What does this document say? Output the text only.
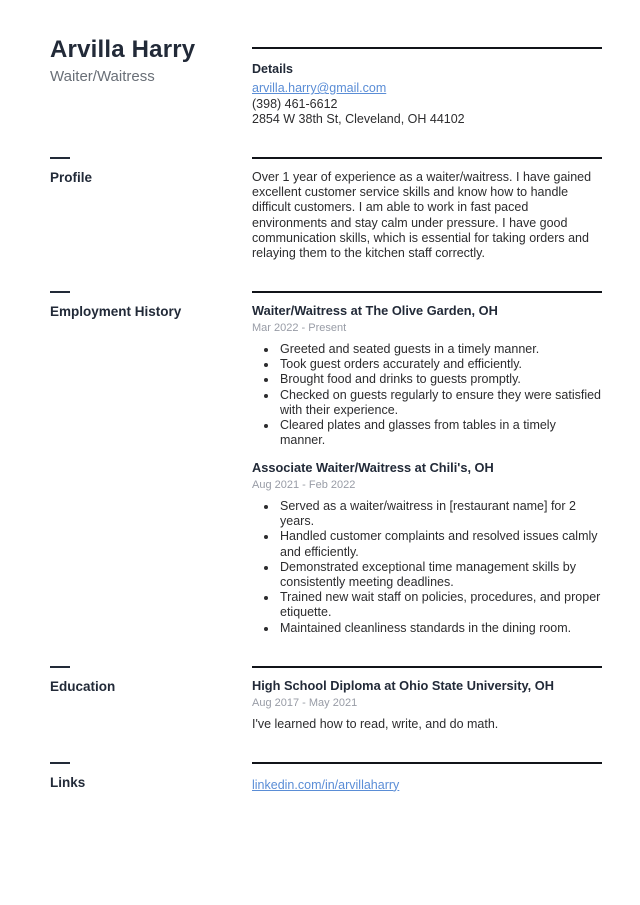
Arvilla Harry
Waiter/Waitress	Details
arvilla.harry@gmail.com
(398) 461-6612
2854 W 38th St, Cleveland, OH 44102
Profile	Over 1 year of experience as a waiter/waitress. I have gained excellent customer service skills and know how to handle difficult customers. I am able to work in fast paced environments and stay calm under pressure. I have good communication skills, which is essential for taking orders and relaying them to the kitchen staff correctly.

Employment History	Waiter/Waitress at The Olive Garden, OH
Mar 2022 - Present
• Greeted and seated guests in a timely manner.
• Took guest orders accurately and efficiently.
• Brought food and drinks to guests promptly.
• Checked on guests regularly to ensure they were satisfied with their experience.
• Cleared plates and glasses from tables in a timely manner.
Associate Waiter/Waitress at Chili's, OH
Aug 2021 - Feb 2022
• Served as a waiter/waitress in [restaurant name] for 2 years.
• Handled customer complaints and resolved issues calmly and efficiently.
• Demonstrated exceptional time management skills by consistently meeting deadlines.
• Trained new wait staff on policies, procedures, and proper etiquette.
• Maintained cleanliness standards in the dining room.
Education	High School Diploma at Ohio State University, OH
Aug 2017 - May 2021

I've learned how to read, write, and do math.

Links	linkedin.com/in/arvillaharry
